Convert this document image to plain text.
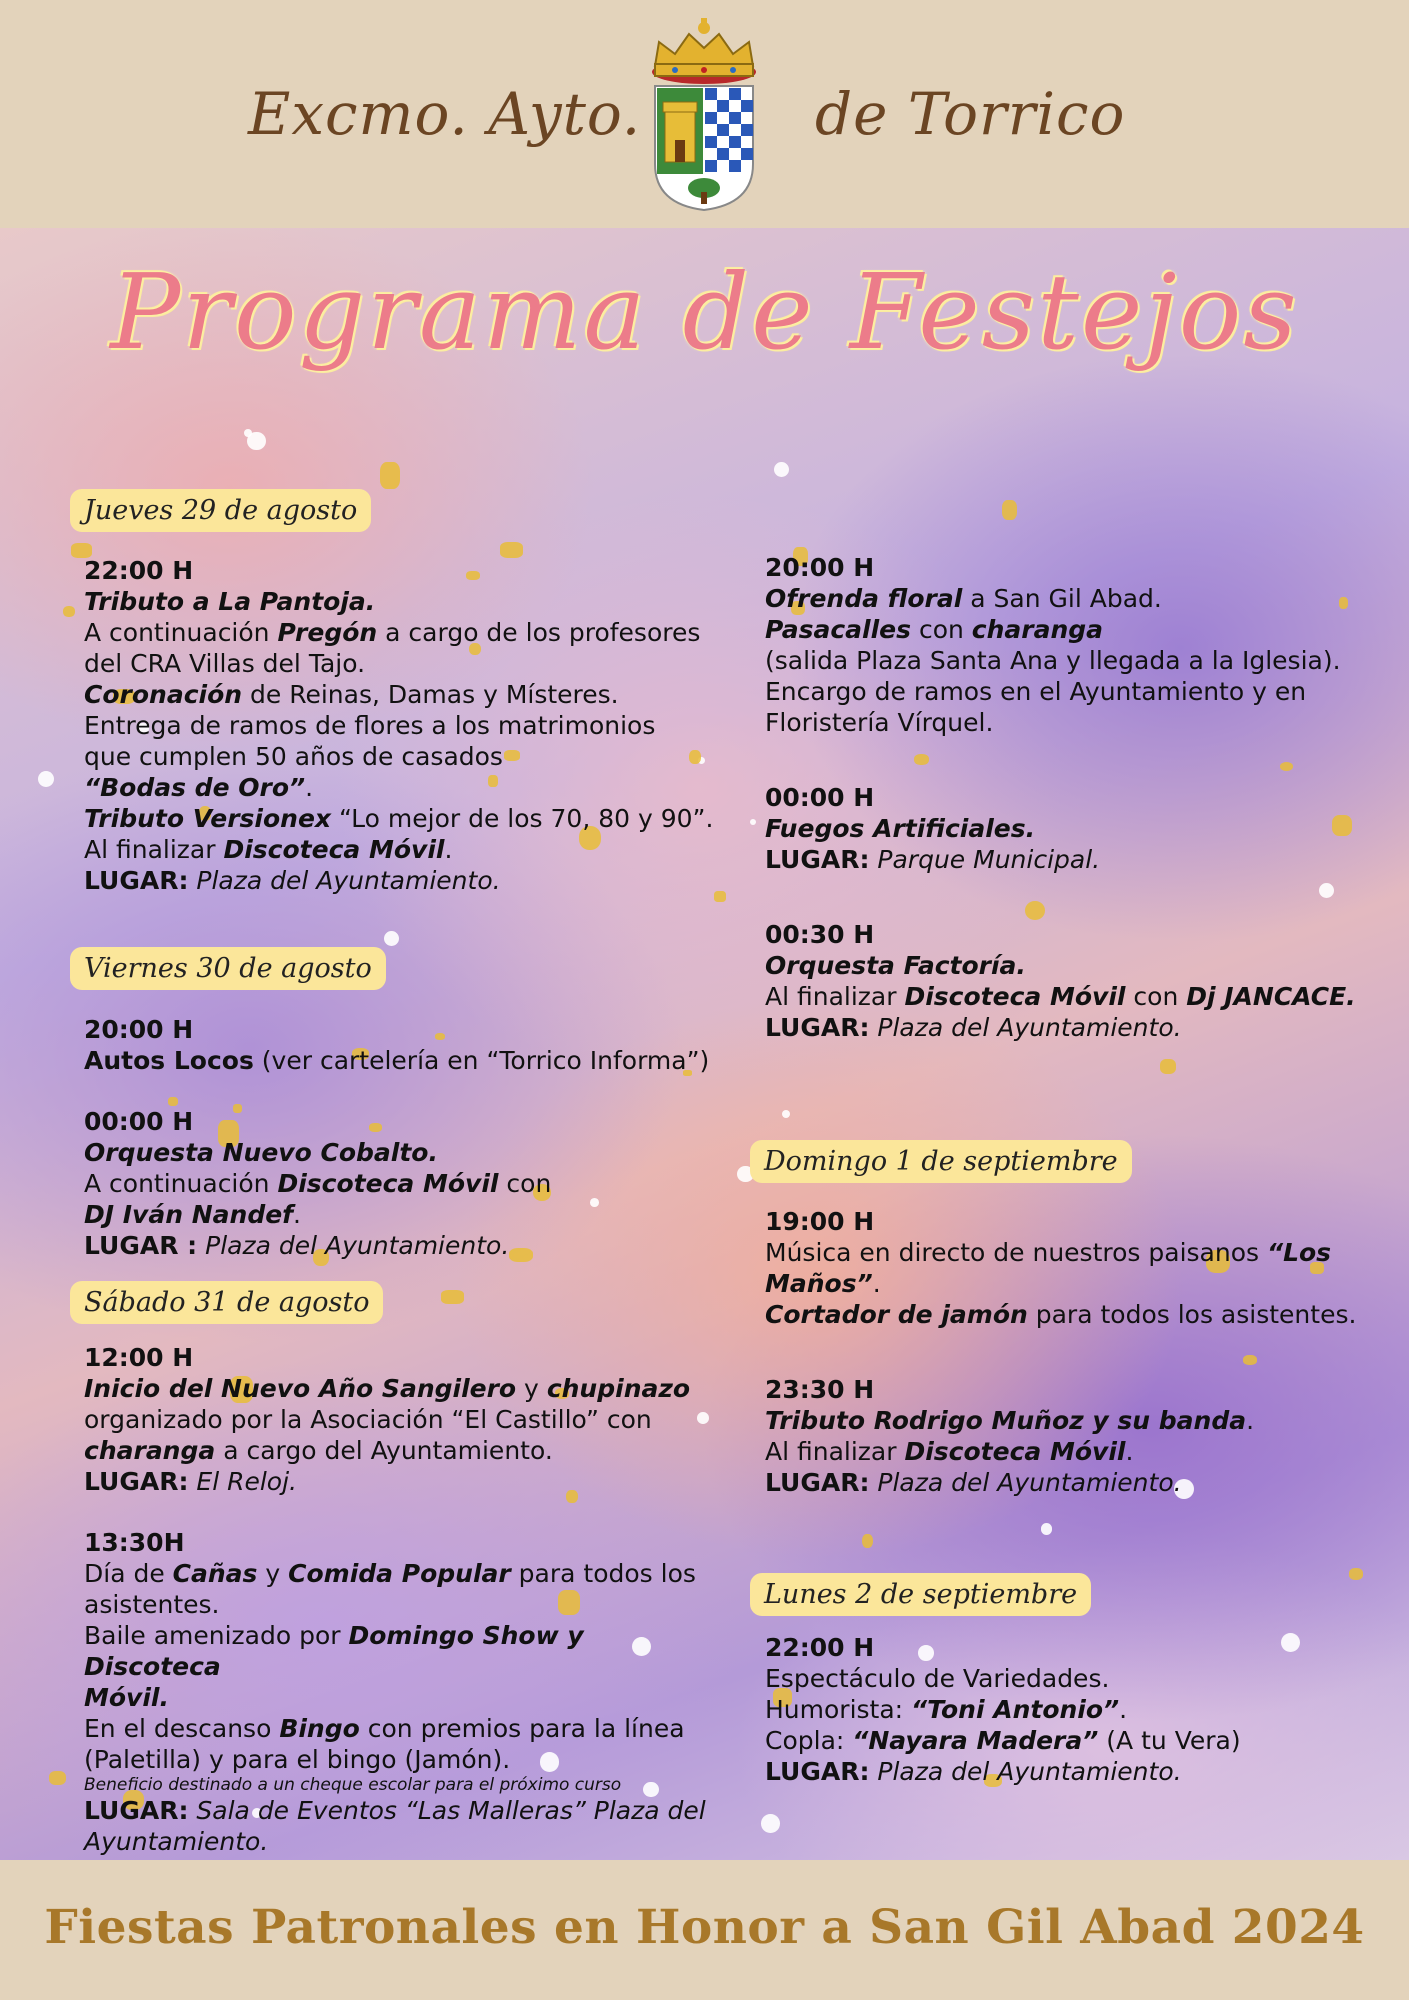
Excmo. Ayto.	de Torrico
Programa de Festejos
Jueves 29 de agosto

22:00 H

Tributo a La Pantoja.

A continuación Pregón a cargo de los profesores

del CRA Villas del Tajo.

Coronación de Reinas, Damas y Místeres.

Entrega de ramos de flores a los matrimonios

que cumplen 50 años de casados

“Bodas de Oro”.

Tributo Versionex “Lo mejor de los 70, 80 y 90”.

Al finalizar Discoteca Móvil.

LUGAR: Plaza del Ayuntamiento.

Viernes 30 de agosto

20:00 H

Autos Locos (ver cartelería en “Torrico Informa”)

00:00 H

Orquesta Nuevo Cobalto.

A continuación Discoteca Móvil con

DJ Iván Nandef.

LUGAR : Plaza del Ayuntamiento.

Sábado 31 de agosto

12:00 H

Inicio del Nuevo Año Sangilero y chupinazo

organizado por la Asociación “El Castillo” con

charanga a cargo del Ayuntamiento.

LUGAR: El Reloj.

13:30H

Día de Cañas y Comida Popular para todos los

asistentes.

Baile amenizado por Domingo Show y Discoteca

Móvil.

En el descanso Bingo con premios para la línea

(Paletilla) y para el bingo (Jamón).

Beneficio destinado a un cheque escolar para el próximo curso

LUGAR: Sala de Eventos “Las Malleras” Plaza del

Ayuntamiento.

20:00 H

Ofrenda floral a San Gil Abad.

Pasacalles con charanga

(salida Plaza Santa Ana y llegada a la Iglesia).

Encargo de ramos en el Ayuntamiento y en

Floristería Vírquel.

00:00 H

Fuegos Artificiales.

LUGAR: Parque Municipal.

00:30 H

Orquesta Factoría.

Al finalizar Discoteca Móvil con Dj JANCACE.

LUGAR: Plaza del Ayuntamiento.

Domingo 1 de septiembre

19:00 H

Música en directo de nuestros paisanos “Los

Maños”.

Cortador de jamón para todos los asistentes.

23:30 H

Tributo Rodrigo Muñoz y su banda.

Al finalizar Discoteca Móvil.

LUGAR: Plaza del Ayuntamiento.

Lunes 2 de septiembre

22:00 H

Espectáculo de Variedades.

Humorista: “Toni Antonio”.

Copla: “Nayara Madera” (A tu Vera)

LUGAR: Plaza del Ayuntamiento.

Fiestas Patronales en Honor a San Gil Abad 2024
